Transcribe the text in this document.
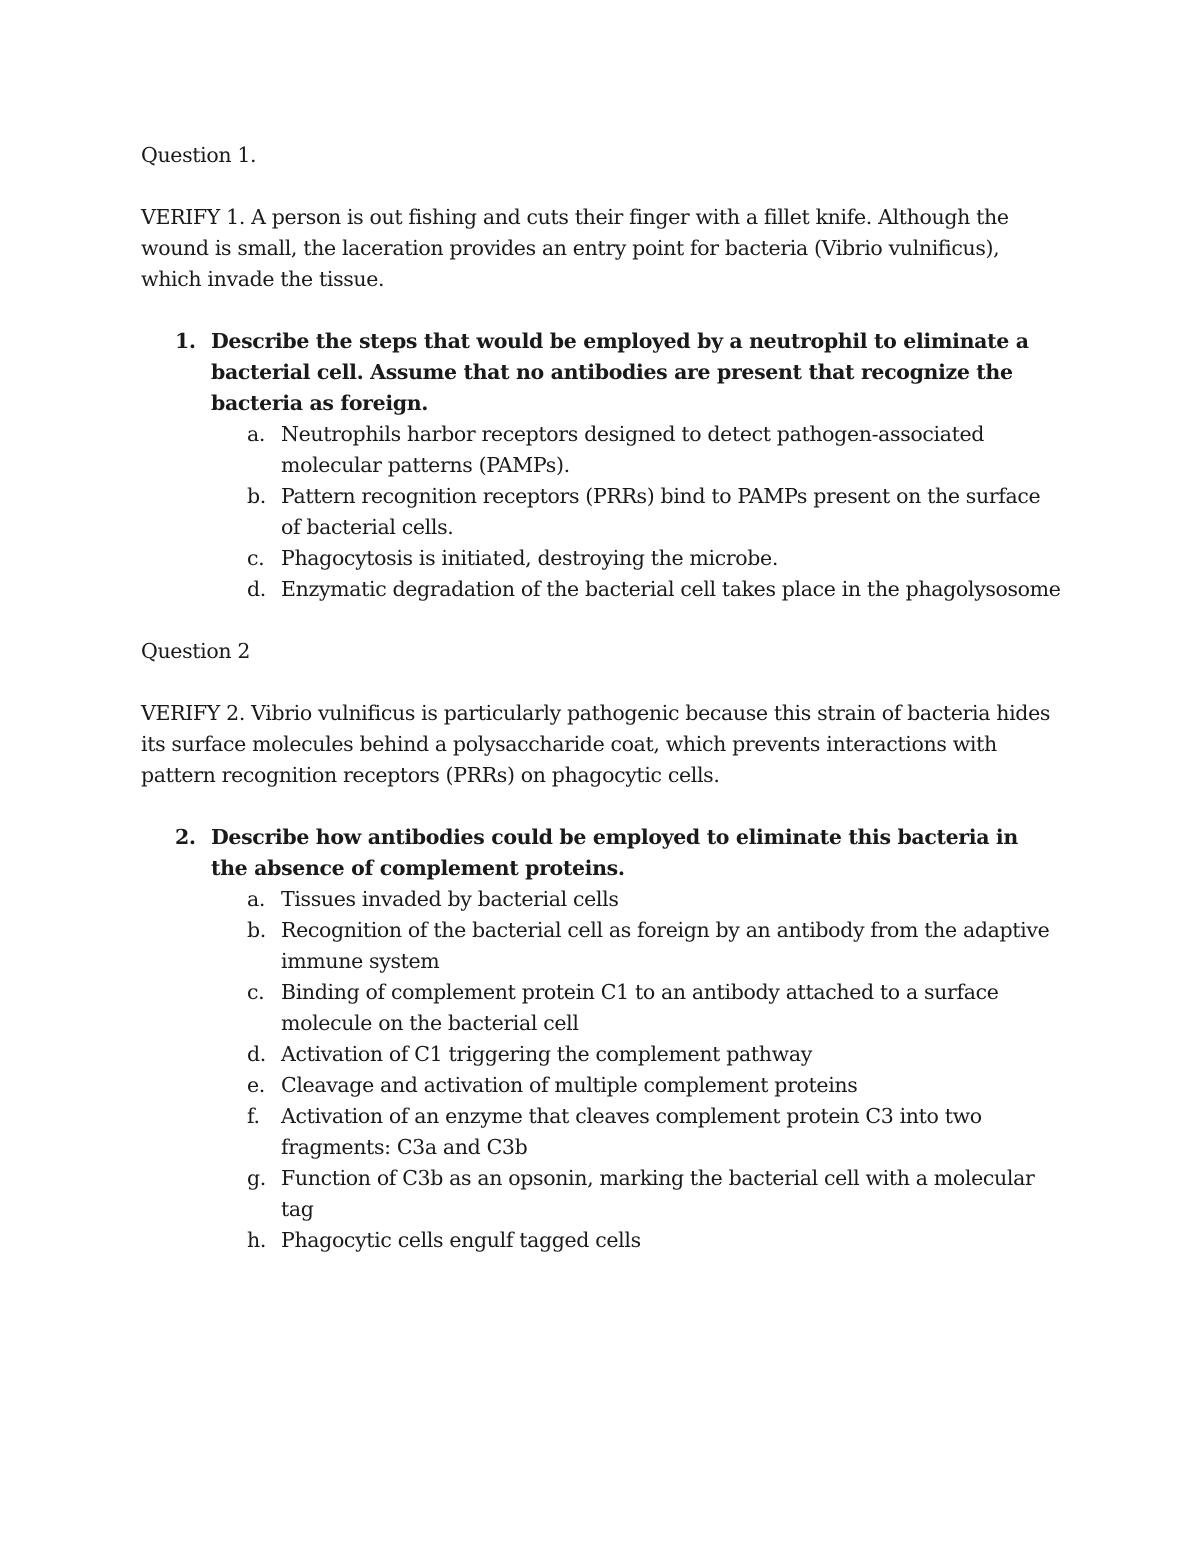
Question 1.

VERIFY 1. A person is out fishing and cuts their finger with a fillet knife. Although the wound is small, the laceration provides an entry point for bacteria (Vibrio vulnificus), which invade the tissue.

1. Describe the steps that would be employed by a neutrophil to eliminate a bacterial cell. Assume that no antibodies are present that recognize the bacteria as foreign.
a. Neutrophils harbor receptors designed to detect pathogen-associated molecular patterns (PAMPs).
b. Pattern recognition receptors (PRRs) bind to PAMPs present on the surface of bacterial cells.
c. Phagocytosis is initiated, destroying the microbe.
d. Enzymatic degradation of the bacterial cell takes place in the phagolysosome

Question 2

VERIFY 2. Vibrio vulnificus is particularly pathogenic because this strain of bacteria hides its surface molecules behind a polysaccharide coat, which prevents interactions with pattern recognition receptors (PRRs) on phagocytic cells.

2. Describe how antibodies could be employed to eliminate this bacteria in the absence of complement proteins.
a. Tissues invaded by bacterial cells
b. Recognition of the bacterial cell as foreign by an antibody from the adaptive immune system
c. Binding of complement protein C1 to an antibody attached to a surface molecule on the bacterial cell
d. Activation of C1 triggering the complement pathway
e. Cleavage and activation of multiple complement proteins
f. Activation of an enzyme that cleaves complement protein C3 into two fragments: C3a and C3b
g. Function of C3b as an opsonin, marking the bacterial cell with a molecular tag
h. Phagocytic cells engulf tagged cells
